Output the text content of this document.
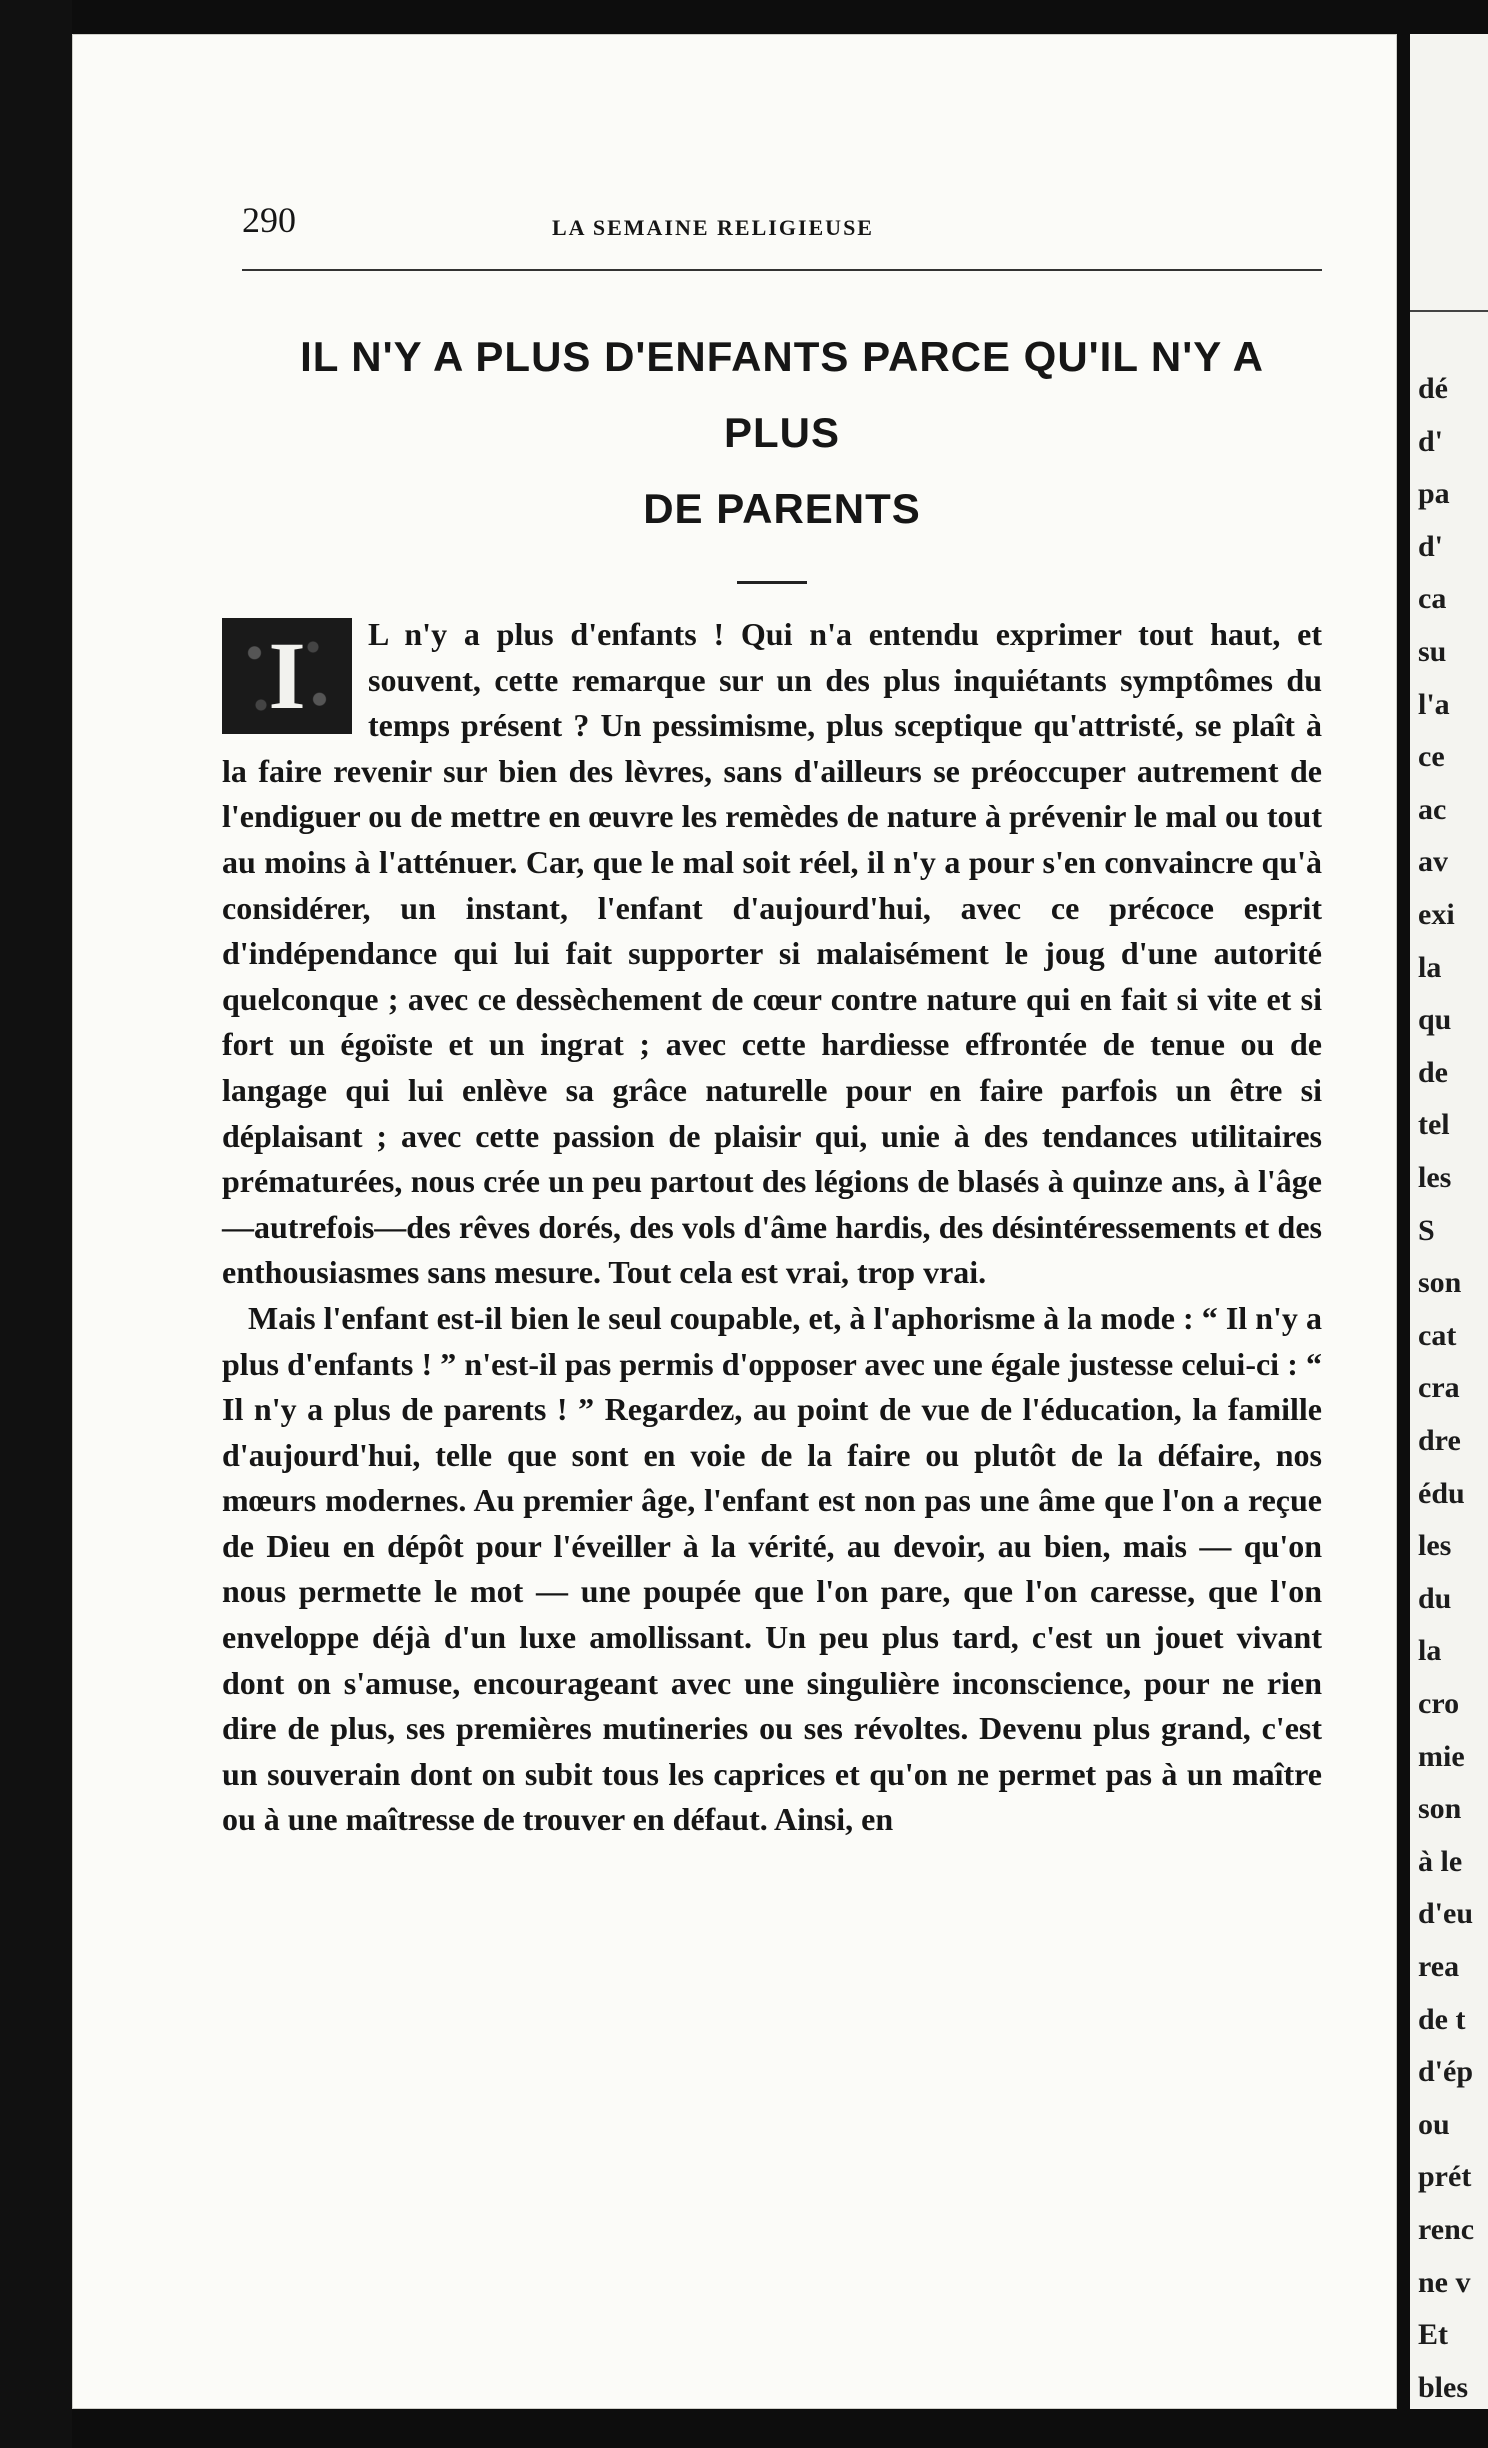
290	LA SEMAINE RELIGIEUSE
IL N'Y A PLUS D'ENFANTS PARCE QU'IL N'Y A PLUS
DE PARENTS

I	L n'y a plus d'enfants ! Qui n'a entendu exprimer tout haut, et souvent, cette remarque sur un des plus inquiétants symptômes du temps présent ? Un pessimisme, plus sceptique qu'attristé, se plaît à la faire revenir sur bien des lèvres, sans d'ailleurs se préoccuper autrement de l'endiguer ou de mettre en œuvre les remèdes de nature à prévenir le mal ou tout au moins à l'atténuer. Car, que le mal soit réel, il n'y a pour s'en convaincre qu'à considérer, un instant, l'enfant d'aujourd'hui, avec ce précoce esprit d'indépendance qui lui fait supporter si malaisément le joug d'une autorité quelconque ; avec ce dessèchement de cœur contre nature qui en fait si vite et si fort un égoïste et un ingrat ; avec cette hardiesse effrontée de tenue ou de langage qui lui enlève sa grâce naturelle pour en faire parfois un être si déplaisant ; avec cette passion de plaisir qui, unie à des tendances utilitaires prématurées, nous crée un peu partout des légions de blasés à quinze ans, à l'âge—autrefois—des rêves dorés, des vols d'âme hardis, des désintéressements et des enthousiasmes sans mesure. Tout cela est vrai, trop vrai.

Mais l'enfant est-il bien le seul coupable, et, à l'aphorisme à la mode : “ Il n'y a plus d'enfants ! ” n'est-il pas permis d'opposer avec une égale justesse celui-ci : “ Il n'y a plus de parents ! ” Regardez, au point de vue de l'éducation, la famille d'aujourd'hui, telle que sont en voie de la faire ou plutôt de la défaire, nos mœurs modernes. Au premier âge, l'enfant est non pas une âme que l'on a reçue de Dieu en dépôt pour l'éveiller à la vérité, au devoir, au bien, mais — qu'on nous permette le mot — une poupée que l'on pare, que l'on caresse, que l'on enveloppe déjà d'un luxe amollissant. Un peu plus tard, c'est un jouet vivant dont on s'amuse, encourageant avec une singulière inconscience, pour ne rien dire de plus, ses premières mutineries ou ses révoltes. Devenu plus grand, c'est un souverain dont on subit tous les caprices et qu'on ne permet pas à un maître ou à une maîtresse de trouver en défaut. Ainsi, en

dé
d'
pa
d'
ca
su
l'a
ce
ac
av
exi
la
qu
de
tel
les
S
son
cat
cra
dre
édu
les
du
la
cro
mie
son
à le
d'eu
rea
de t
d'ép
ou
prét
renc
ne v
Et
bles
